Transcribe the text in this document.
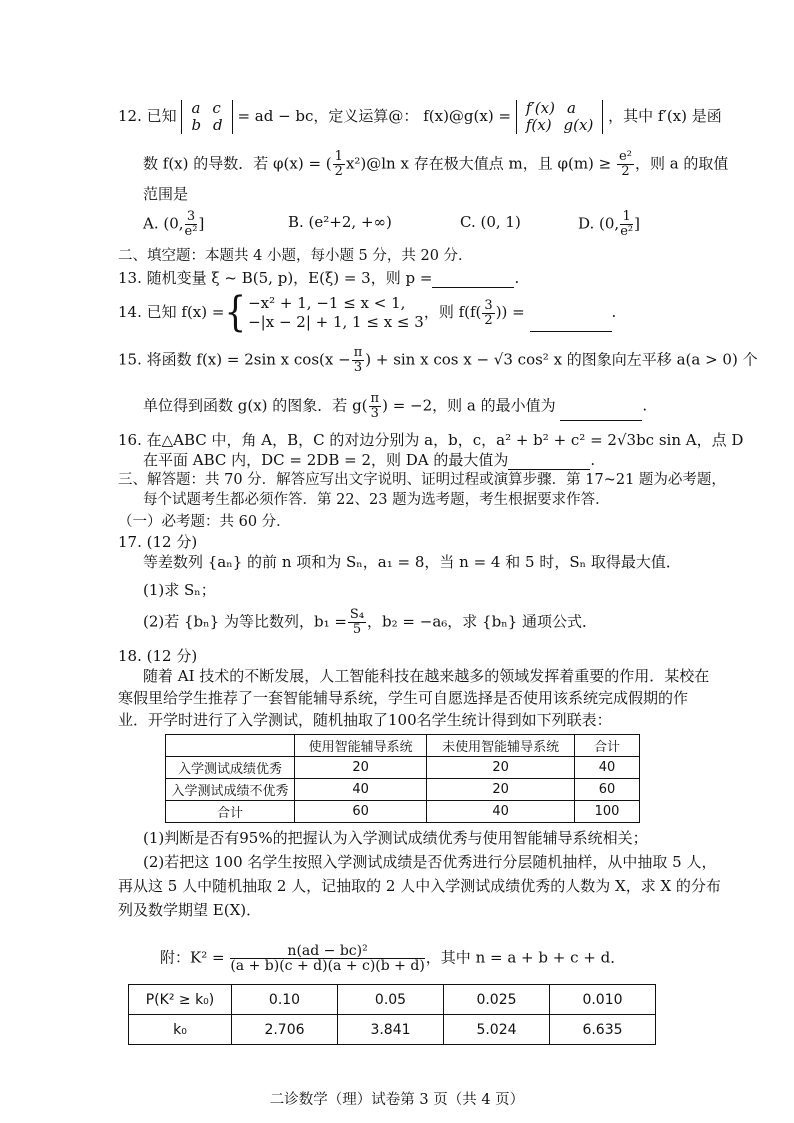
12. 已知 a c
b d = ad − bc，定义运算@： f(x)@g(x) = f′(x) a
f(x) g(x) ，其中 f′(x) 是函
数 f(x) 的导数．若 φ(x) = ( $\frac{1}{2}$ x²)@ln x 存在极大值点 m，且 $\varphi(m) \ge \frac{\text{e²}}{2}$ ，则 a 的取值
范围是
A. (0, $\frac{3}{\text{e²}}$ ]	B. (e²+2, +∞)	C. (0, 1)	D. (0, $\frac{1}{\text{e²}}$ ]
二、填空题：本题共 4 小题，每小题 5 分，共 20 分．
13. 随机变量 ξ ~ B(5, p)，E(ξ) = 3，则 p =	.
14. 已知 f(x) ={ −x² + 1, −1 ≤ x < 1,
−|x − 2| + 1, 1 ≤ x ≤ 3，则 $f(f( \frac{3}{2}$ )) =	.
15. 将函数 f(x) = 2sin x $\cos(x - \frac{\pi}{3}$ ) + sin x cos x − √3 cos² x 的图象向左平移 a(a > 0) 个
单位得到函数 g(x) 的图象．若 $g( \frac{\pi}{3}$ ) = −2，则 a 的最小值为	.
16. 在△ABC 中，角 A，B，C 的对边分别为 a，b，c，a² + b² + c² = 2√3bc sin A，点 D
在平面 ABC 内，DC = 2DB = 2，则 DA 的最大值为	.
三、解答题：共 70 分．解答应写出文字说明、证明过程或演算步骤．第 17~21 题为必考题，
每个试题考生都必须作答．第 22、23 题为选考题，考生根据要求作答．
（一）必考题：共 60 分．
17. (12 分)
等差数列 {aₙ} 的前 n 项和为 Sₙ，a₁ = 8，当 n = 4 和 5 时，Sₙ 取得最大值．
(1)求 Sₙ；
(2)若 {bₙ} 为等比数列，$b_1 = \frac{\text{S₄}}{5}$ ，b₂ = −a₆，求 {bₙ} 通项公式．
18. (12 分)
随着 AI 技术的不断发展，人工智能科技在越来越多的领域发挥着重要的作用．某校在
寒假里给学生推荐了一套智能辅导系统，学生可自愿选择是否使用该系统完成假期的作
业．开学时进行了入学测试，随机抽取了100名学生统计得到如下列联表：
	使用智能辅导系统	未使用智能辅导系统	合计
入学测试成绩优秀	20	20	40
入学测试成绩不优秀	40	20	60
合计	60	40	100
(1)判断是否有95%的把握认为入学测试成绩优秀与使用智能辅导系统相关；
(2)若把这 100 名学生按照入学测试成绩是否优秀进行分层随机抽样，从中抽取 5 人，
再从这 5 人中随机抽取 2 人，记抽取的 2 人中入学测试成绩优秀的人数为 X，求 X 的分布
列及数学期望 E(X)．
附：$K^2 = \frac{\text{n(ad − bc)²}}{(a + b)(c + d)(a + c)(b + d)}$ ，其中 n = a + b + c + d．
P(K² ≥ k₀)	0.10	0.05	0.025	0.010
k₀	2.706	3.841	5.024	6.635
二诊数学（理）试卷第 3 页（共 4 页）
